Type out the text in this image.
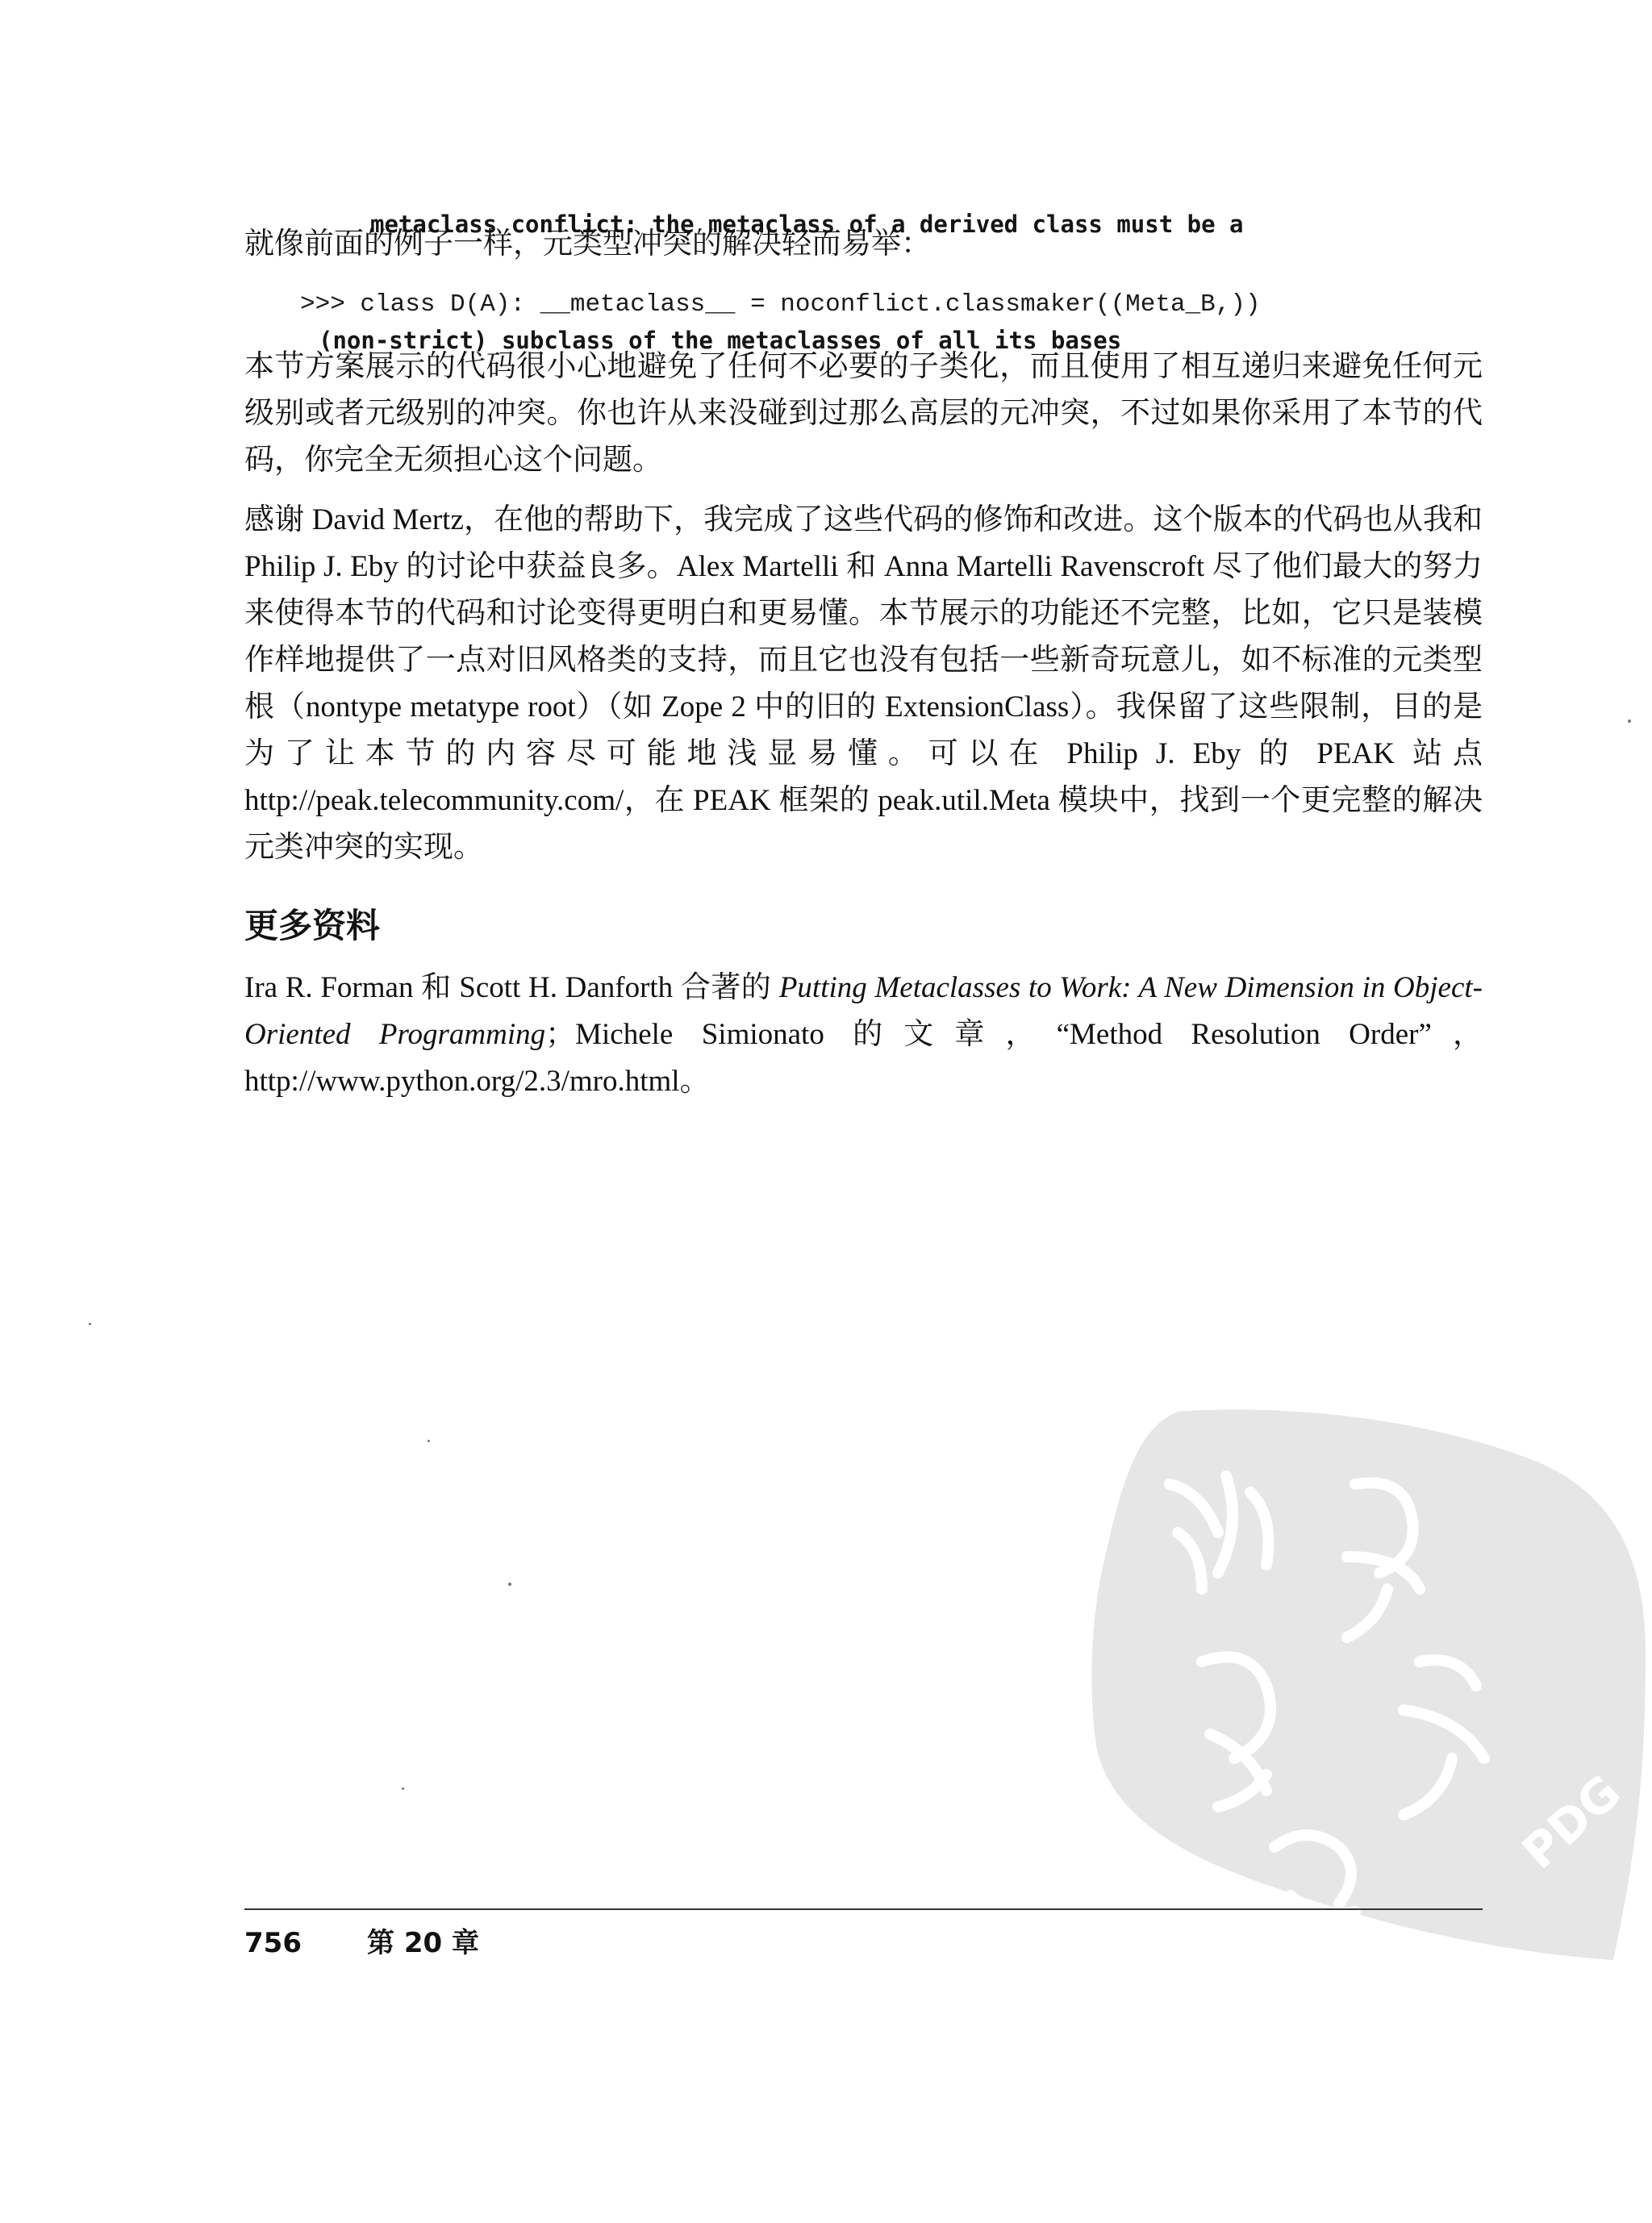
metaclass conflict: the metaclass of a derived class must be a

(non-strict) subclass of the metaclasses of all its bases

就像前面的例子一样，元类型冲突的解决轻而易举：

>>> class D(A): __metaclass__ = noconflict.classmaker((Meta_B,))

本节方案展示的代码很小心地避免了任何不必要的子类化，而且使用了相互递归来避免任何元级别或者元级别的冲突。你也许从来没碰到过那么高层的元冲突，不过如果你采用了本节的代码，你完全无须担心这个问题。

感谢 David Mertz，在他的帮助下，我完成了这些代码的修饰和改进。这个版本的代码也从我和 Philip J. Eby 的讨论中获益良多。Alex Martelli 和 Anna Martelli Ravenscroft 尽了他们最大的努力来使得本节的代码和讨论变得更明白和更易懂。本节展示的功能还不完整，比如，它只是装模作样地提供了一点对旧风格类的支持，而且它也没有包括一些新奇玩意儿，如不标准的元类型根（nontype metatype root）（如 Zope 2 中的旧的 ExtensionClass）。我保留了这些限制，目的是为了让本节的内容尽可能地浅显易懂。可以在 Philip J. Eby 的 PEAK 站点 http://peak.telecommunity.com/，在 PEAK 框架的 peak.util.Meta 模块中，找到一个更完整的解决元类冲突的实现。

更多资料

Ira R. Forman 和 Scott H. Danforth 合著的 Putting Metaclasses to Work: A New Dimension in Object-Oriented Programming；Michele Simionato 的文章，“Method Resolution Order”，http://www.python.org/2.3/mro.html。

PDG
756 第 20 章
